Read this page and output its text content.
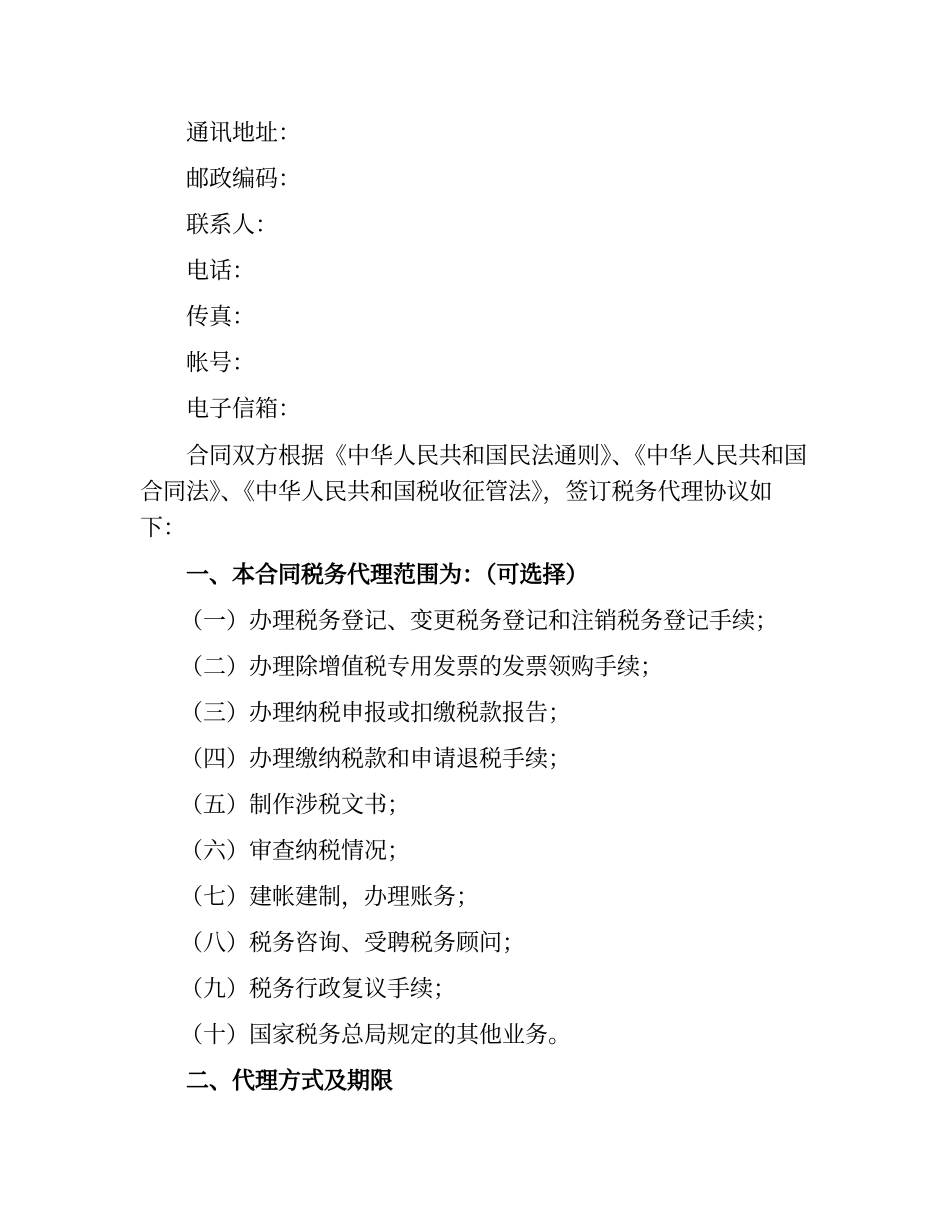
通讯地址：
邮政编码：
联系人：
电话：
传真：
帐号：
电子信箱：
合同双方根据《中华人民共和国民法通则》、《中华人民共和国合同法》、《中华人民共和国税收征管法》，签订税务代理协议如下：
一、本合同税务代理范围为：（可选择）
（一）办理税务登记、变更税务登记和注销税务登记手续；
（二）办理除增值税专用发票的发票领购手续；
（三）办理纳税申报或扣缴税款报告；
（四）办理缴纳税款和申请退税手续；
（五）制作涉税文书；
（六）审查纳税情况；
（七）建帐建制，办理账务；
（八）税务咨询、受聘税务顾问；
（九）税务行政复议手续；
（十）国家税务总局规定的其他业务。
二、代理方式及期限
